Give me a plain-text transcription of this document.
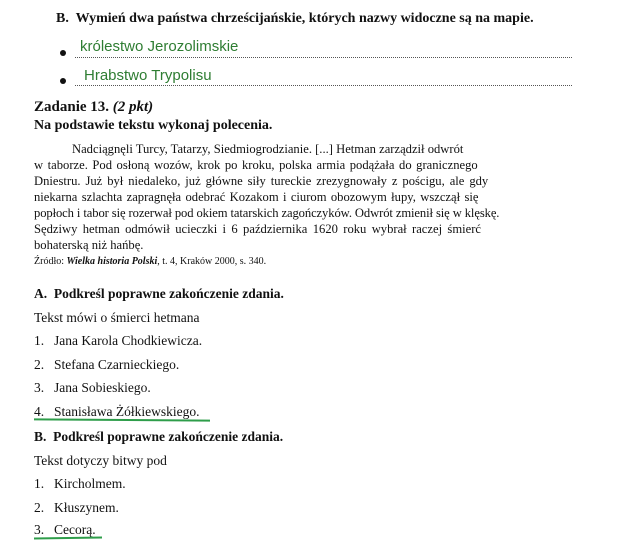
B. Wymień dwa państwa chrześcijańskie, których nazwy widoczne są na mapie.
królestwo Jerozolimskie
Hrabstwo Trypolisu
Zadanie 13. (2 pkt)
Na podstawie tekstu wykonaj polecenia.
Nadciągnęli Turcy, Tatarzy, Siedmiogrodzianie. [...] Hetman zarządził odwrót
w taborze. Pod osłoną wozów, krok po kroku, polska armia podążała do granicznego
Dniestru. Już był niedaleko, już główne siły tureckie zrezygnowały z pościgu, ale gdy
niekarna szlachta zapragnęła odebrać Kozakom i ciurom obozowym łupy, wszczął się
popłoch i tabor się rozerwał pod okiem tatarskich zagończyków. Odwrót zmienił się w klęskę.
Sędziwy hetman odmówił ucieczki i 6 października 1620 roku wybrał raczej śmierć
bohaterską niż hańbę.
Źródło: Wielka historia Polski, t. 4, Kraków 2000, s. 340.
A. Podkreśl poprawne zakończenie zdania.
Tekst mówi o śmierci hetmana
1. Jana Karola Chodkiewicza.
2. Stefana Czarnieckiego.
3. Jana Sobieskiego.
4. Stanisława Żółkiewskiego.
B. Podkreśl poprawne zakończenie zdania.
Tekst dotyczy bitwy pod
1. Kircholmem.
2. Kłuszynem.
3. Cecorą.
